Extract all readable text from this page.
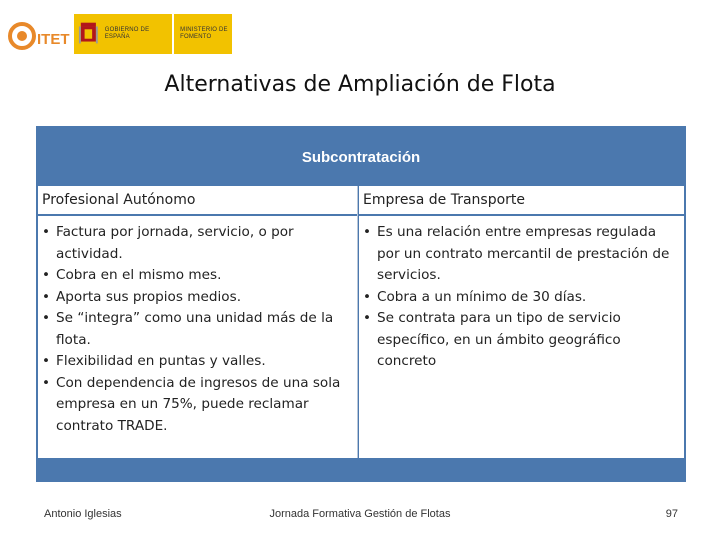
ITET
GOBIERNO DE ESPAÑA
MINISTERIO DE FOMENTO
Alternativas de Ampliación de Flota
Subcontratación
Profesional Autónomo
• Factura por jornada, servicio, o por actividad.
• Cobra en el mismo mes.
• Aporta sus propios medios.
• Se “integra” como una unidad más de la flota.
• Flexibilidad en puntas y valles.
• Con dependencia de ingresos de una sola empresa en un 75%, puede reclamar contrato TRADE.
Empresa de Transporte
• Es una relación entre empresas regulada por un contrato mercantil de prestación de servicios.
• Cobra a un mínimo de 30 días.
• Se contrata para un tipo de servicio específico, en un ámbito geográfico concreto
Antonio Iglesias	Jornada Formativa Gestión de Flotas	97
